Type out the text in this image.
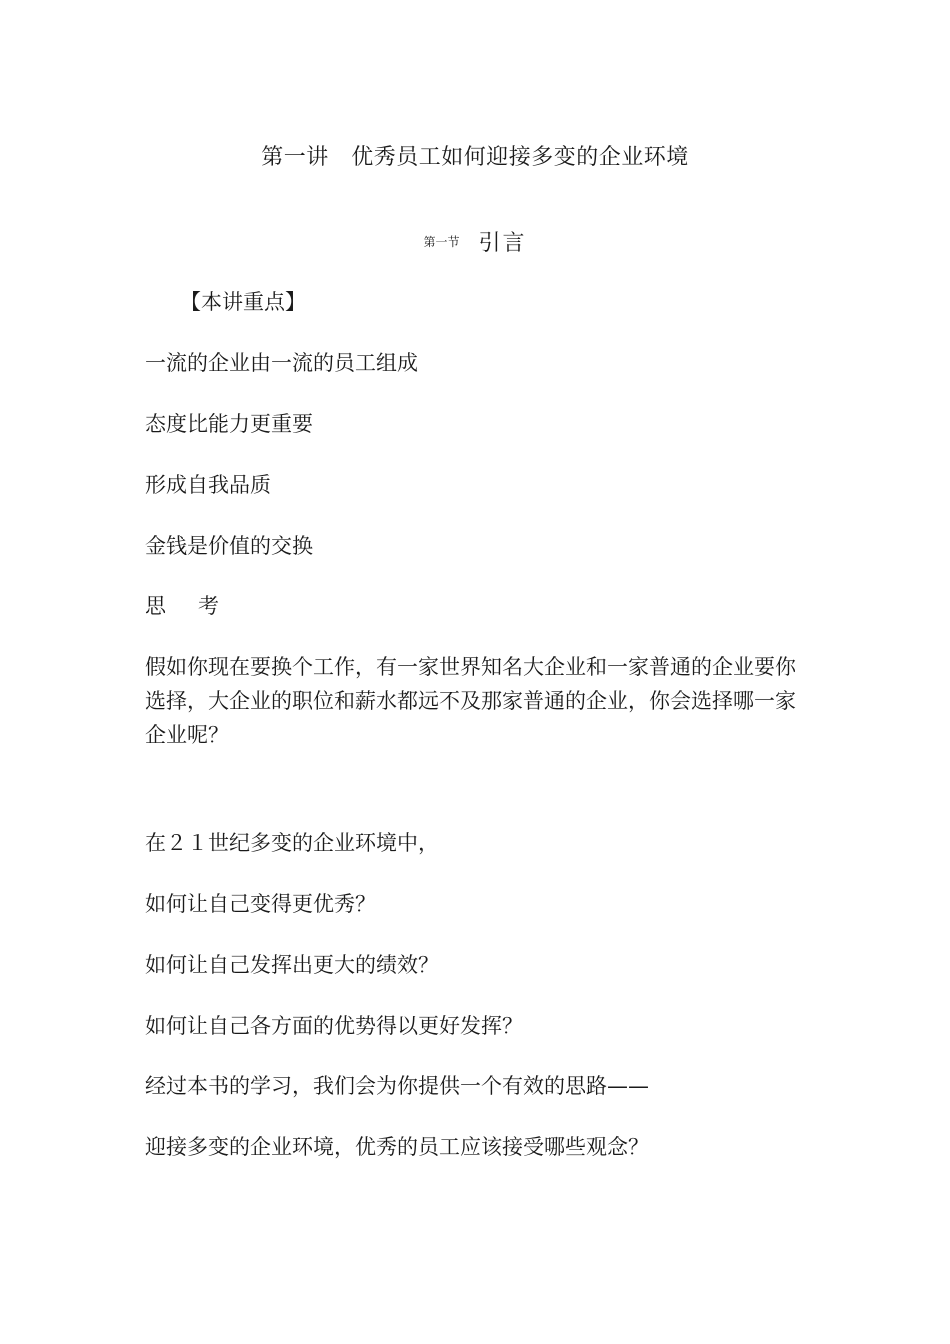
第一讲　优秀员工如何迎接多变的企业环境
第一节 引言
【本讲重点】
一流的企业由一流的员工组成
态度比能力更重要
形成自我品质
金钱是价值的交换
思考

假如你现在要换个工作，有一家世界知名大企业和一家普通的企业要你选择，大企业的职位和薪水都远不及那家普通的企业，你会选择哪一家企业呢？

在２１世纪多变的企业环境中，
如何让自己变得更优秀？
如何让自己发挥出更大的绩效？
如何让自己各方面的优势得以更好发挥？
经过本书的学习，我们会为你提供一个有效的思路——
迎接多变的企业环境，优秀的员工应该接受哪些观念？
